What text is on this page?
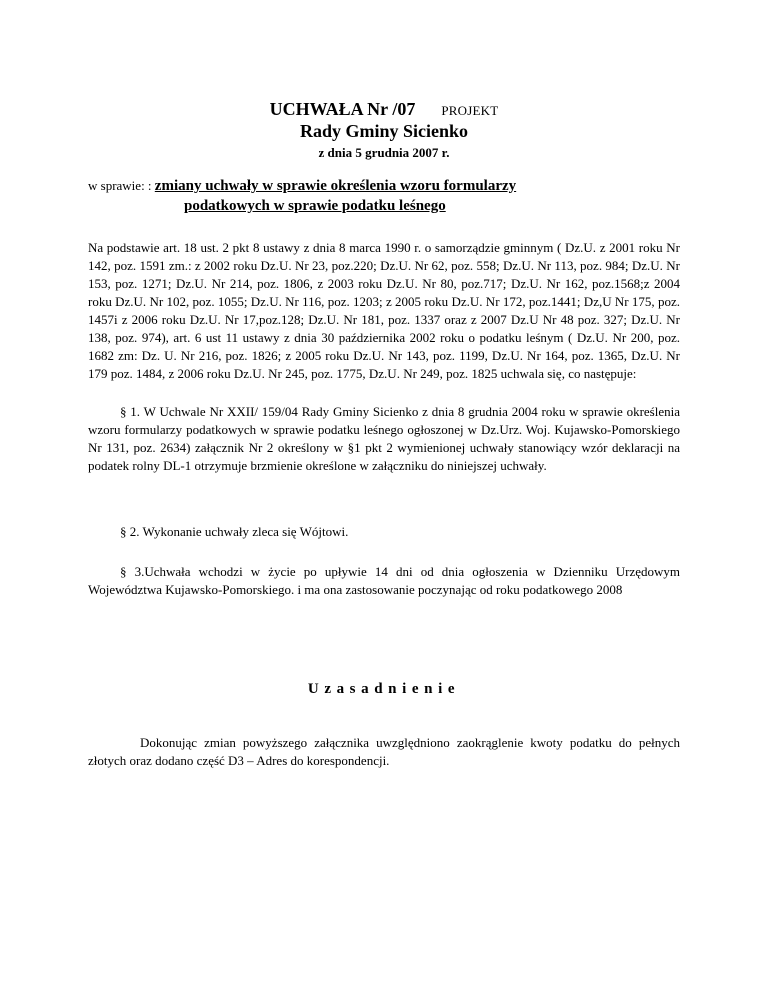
UCHWAŁA Nr /07 PROJEKT
Rady Gminy Sicienko
z dnia 5 grudnia 2007 r.
w sprawie: : zmiany uchwały w sprawie określenia wzoru formularzy
podatkowych w sprawie podatku leśnego
Na podstawie art. 18 ust. 2 pkt 8 ustawy z dnia 8 marca 1990 r. o samorządzie gminnym ( Dz.U. z 2001 roku Nr 142, poz. 1591 zm.: z 2002 roku Dz.U. Nr 23, poz.220; Dz.U. Nr 62, poz. 558; Dz.U. Nr 113, poz. 984; Dz.U. Nr 153, poz. 1271; Dz.U. Nr 214, poz. 1806, z 2003 roku Dz.U. Nr 80, poz.717; Dz.U. Nr 162, poz.1568;z 2004 roku Dz.U. Nr 102, poz. 1055; Dz.U. Nr 116, poz. 1203; z 2005 roku Dz.U. Nr 172, poz.1441; Dz,U Nr 175, poz. 1457i z 2006 roku Dz.U. Nr 17,poz.128; Dz.U. Nr 181, poz. 1337 oraz z 2007 Dz.U Nr 48 poz. 327; Dz.U. Nr 138, poz. 974), art. 6 ust 11 ustawy z dnia 30 października 2002 roku o podatku leśnym ( Dz.U. Nr 200, poz. 1682 zm: Dz. U. Nr 216, poz. 1826; z 2005 roku Dz.U. Nr 143, poz. 1199, Dz.U. Nr 164, poz. 1365, Dz.U. Nr 179 poz. 1484, z 2006 roku Dz.U. Nr 245, poz. 1775, Dz.U. Nr 249, poz. 1825 uchwala się, co następuje:
§ 1. W Uchwale Nr XXII/ 159/04 Rady Gminy Sicienko z dnia 8 grudnia 2004 roku w sprawie określenia wzoru formularzy podatkowych w sprawie podatku leśnego ogłoszonej w Dz.Urz. Woj. Kujawsko-Pomorskiego Nr 131, poz. 2634) załącznik Nr 2 określony w §1 pkt 2 wymienionej uchwały stanowiący wzór deklaracji na podatek rolny DL-1 otrzymuje brzmienie określone w załączniku do niniejszej uchwały.
§ 2. Wykonanie uchwały zleca się Wójtowi.
§ 3.Uchwała wchodzi w życie po upływie 14 dni od dnia ogłoszenia w Dzienniku Urzędowym Województwa Kujawsko-Pomorskiego. i ma ona zastosowanie poczynając od roku podatkowego 2008
Uzasadnienie
Dokonując zmian powyższego załącznika uwzględniono zaokrąglenie kwoty podatku do pełnych złotych oraz dodano część D3 – Adres do korespondencji.
